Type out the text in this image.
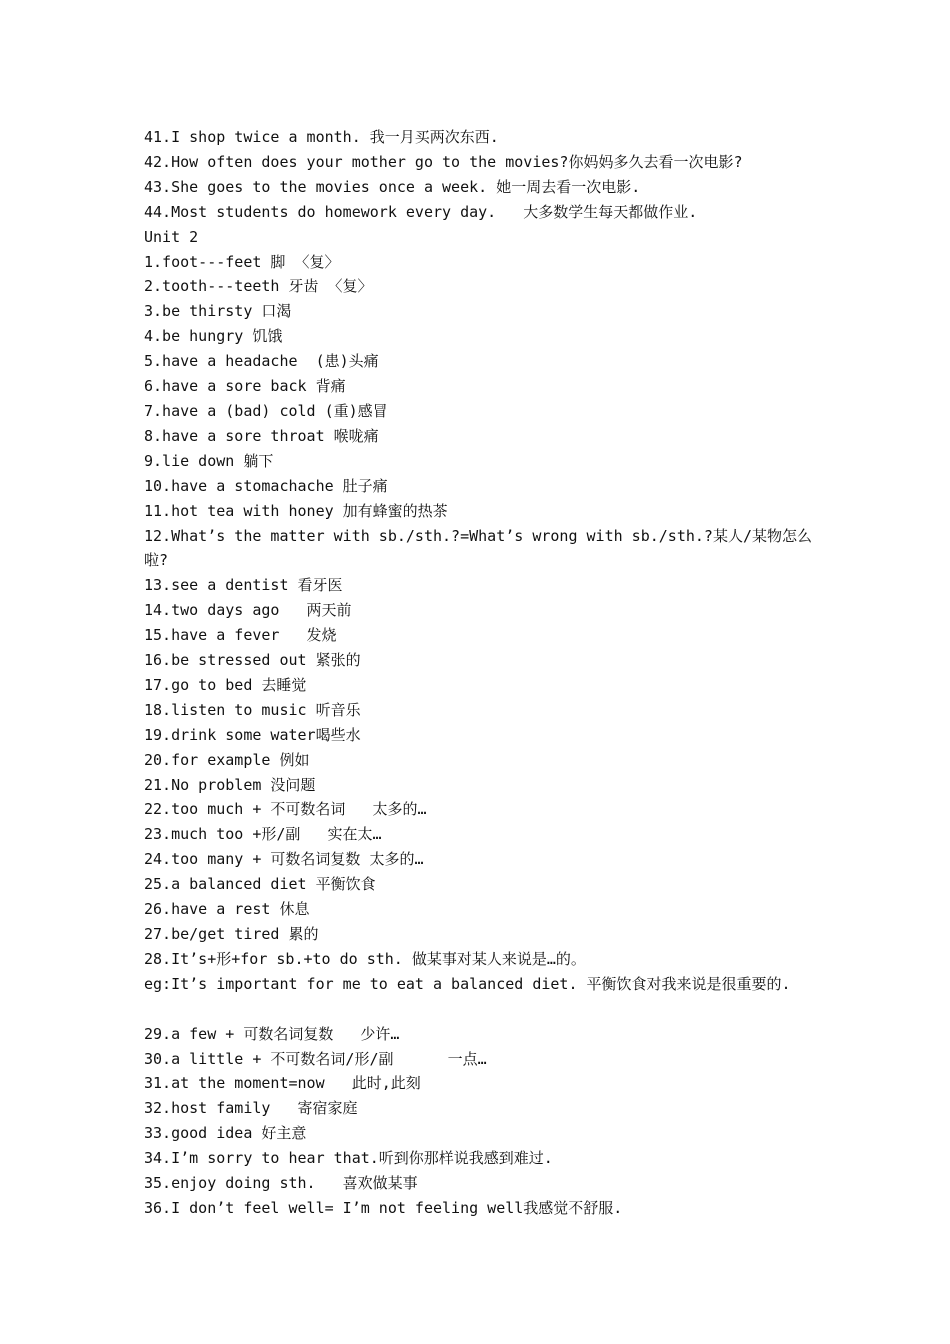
41.I shop twice a month. 我一月买两次东西.

42.How often does your mother go to the movies?你妈妈多久去看一次电影?

43.She goes to the movies once a week. 她一周去看一次电影.

44.Most students do homework every day.   大多数学生每天都做作业.

Unit 2

1.foot---feet 脚 〈复〉

2.tooth---teeth 牙齿 〈复〉

3.be thirsty 口渴

4.be hungry 饥饿

5.have a headache  (患)头痛

6.have a sore back 背痛

7.have a (bad) cold (重)感冒

8.have a sore throat 喉咙痛

9.lie down 躺下

10.have a stomachache 肚子痛

11.hot tea with honey 加有蜂蜜的热茶

12.What’s the matter with sb./sth.?=What’s wrong with sb./sth.?某人/某物怎么啦?

13.see a dentist 看牙医

14.two days ago   两天前

15.have a fever   发烧

16.be stressed out 紧张的

17.go to bed 去睡觉

18.listen to music 听音乐

19.drink some water喝些水

20.for example 例如

21.No problem 没问题

22.too much + 不可数名词   太多的…

23.much too +形/副   实在太…

24.too many + 可数名词复数 太多的…

25.a balanced diet 平衡饮食

26.have a rest 休息

27.be/get tired 累的

28.It’s+形+for sb.+to do sth. 做某事对某人来说是…的。

eg:It’s important for me to eat a balanced diet. 平衡饮食对我来说是很重要的.

29.a few + 可数名词复数   少许…

30.a little + 不可数名词/形/副      一点…

31.at the moment=now   此时,此刻

32.host family   寄宿家庭

33.good idea 好主意

34.I’m sorry to hear that.听到你那样说我感到难过.

35.enjoy doing sth.   喜欢做某事

36.I don’t feel well= I’m not feeling well我感觉不舒服.
